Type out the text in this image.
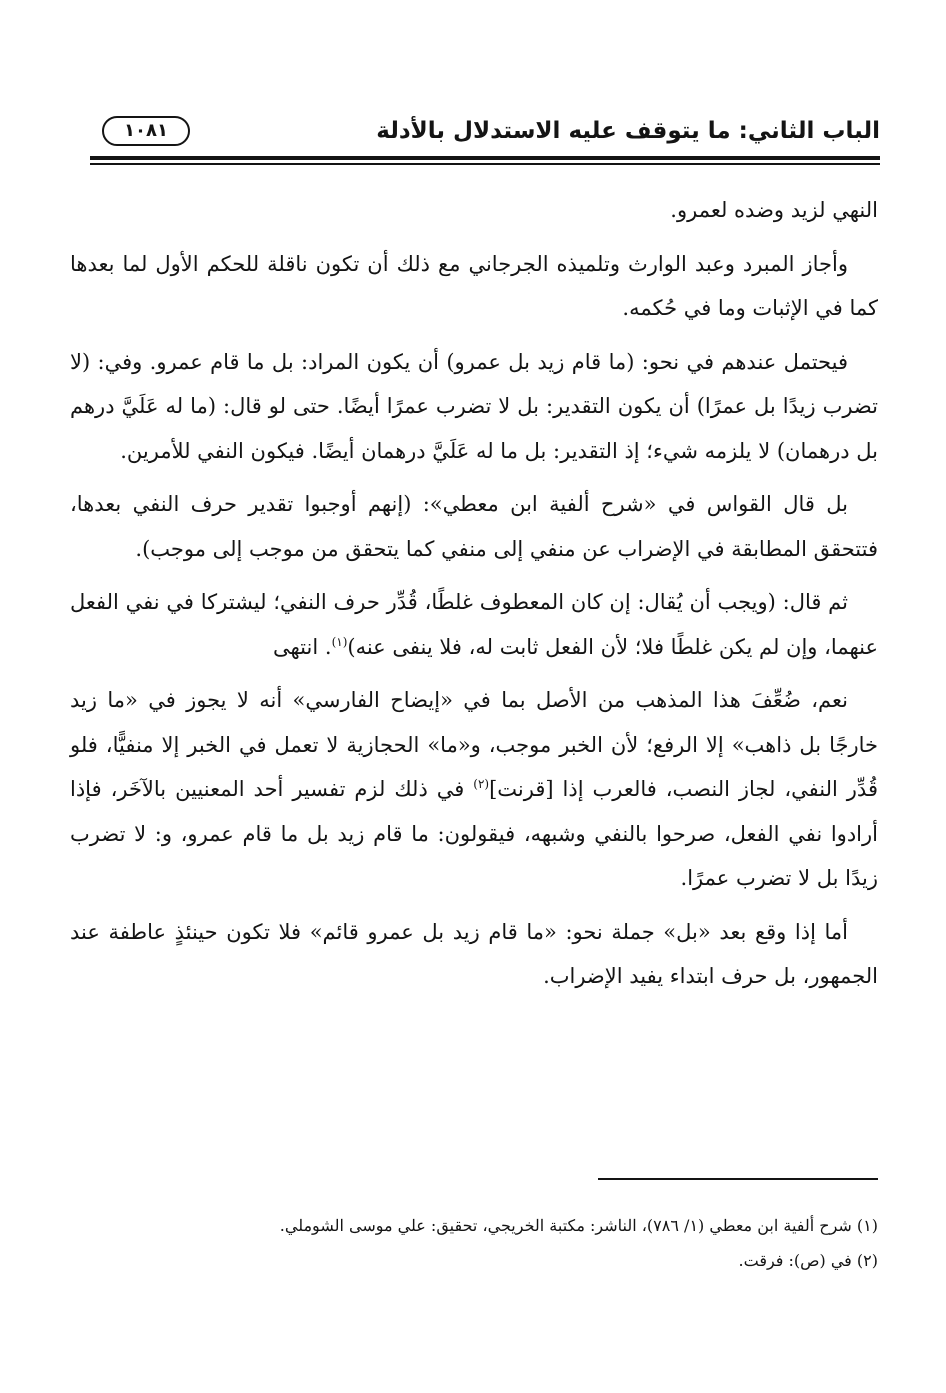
الباب الثاني: ما يتوقف عليه الاستدلال بالأدلة
١٠٨١

النهي لزيد وضده لعمرو.

وأجاز المبرد وعبد الوارث وتلميذه الجرجاني مع ذلك أن تكون ناقلة للحكم الأول لما بعدها كما في الإثبات وما في حُكمه.

فيحتمل عندهم في نحو: (ما قام زيد بل عمرو) أن يكون المراد: بل ما قام عمرو. وفي: (لا تضرب زيدًا بل عمرًا) أن يكون التقدير: بل لا تضرب عمرًا أيضًا. حتى لو قال: (ما له عَلَيَّ درهم بل درهمان) لا يلزمه شيء؛ إذ التقدير: بل ما له عَلَيَّ درهمان أيضًا. فيكون النفي للأمرين.

بل قال القواس في «شرح ألفية ابن معطي»: (إنهم أوجبوا تقدير حرف النفي بعدها، فتتحقق المطابقة في الإضراب عن منفي إلى منفي كما يتحقق من موجب إلى موجب).

ثم قال: (ويجب أن يُقال: إن كان المعطوف غلطًا، قُدِّر حرف النفي؛ ليشتركا في نفي الفعل عنهما، وإن لم يكن غلطًا فلا؛ لأن الفعل ثابت له، فلا ينفى عنه)$^{(١)}$. انتهى

نعم، ضُعِّفَ هذا المذهب من الأصل بما في «إيضاح الفارسي» أنه لا يجوز في «ما زيد خارجًا بل ذاهب» إلا الرفع؛ لأن الخبر موجب، و«ما» الحجازية لا تعمل في الخبر إلا منفيًّا، فلو قُدِّر النفي، لجاز النصب، فالعرب إذا [قرنت]$^{(٢)}$ في ذلك لزم تفسير أحد المعنيين بالآخَر، فإذا أرادوا نفي الفعل، صرحوا بالنفي وشبهه، فيقولون: ما قام زيد بل ما قام عمرو، و: لا تضرب زيدًا بل لا تضرب عمرًا.

أما إذا وقع بعد «بل» جملة نحو: «ما قام زيد بل عمرو قائم» فلا تكون حينئذٍ عاطفة عند الجمهور، بل حرف ابتداء يفيد الإضراب.

(١) شرح ألفية ابن معطي (١/ ٧٨٦)، الناشر: مكتبة الخريجي، تحقيق: علي موسى الشوملي.
(٢) في (ص): فرقت.
